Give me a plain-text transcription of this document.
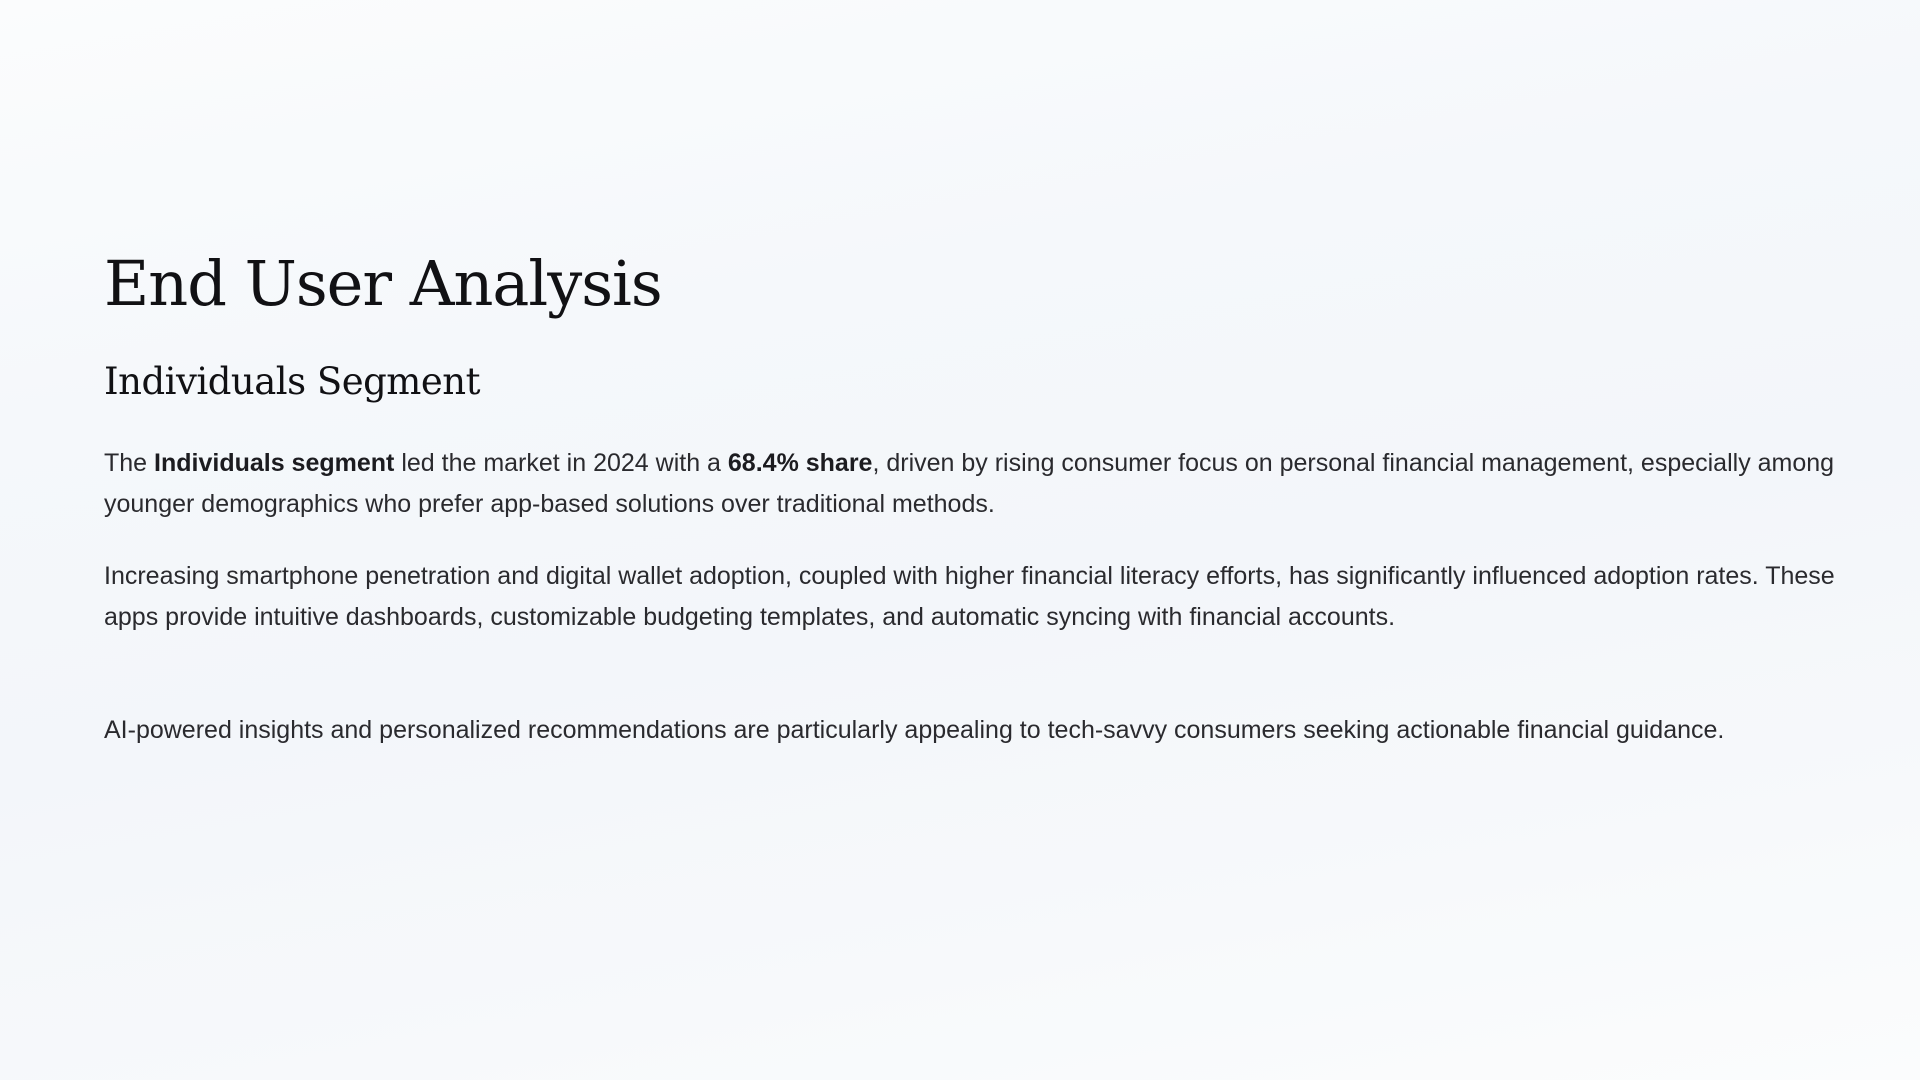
End User Analysis
Individuals Segment

The Individuals segment led the market in 2024 with a 68.4% share, driven by rising consumer focus on personal financial management, especially among younger demographics who prefer app-based solutions over traditional methods.

Increasing smartphone penetration and digital wallet adoption, coupled with higher financial literacy efforts, has significantly influenced adoption rates. These apps provide intuitive dashboards, customizable budgeting templates, and automatic syncing with financial accounts.

AI-powered insights and personalized recommendations are particularly appealing to tech-savvy consumers seeking actionable financial guidance.
